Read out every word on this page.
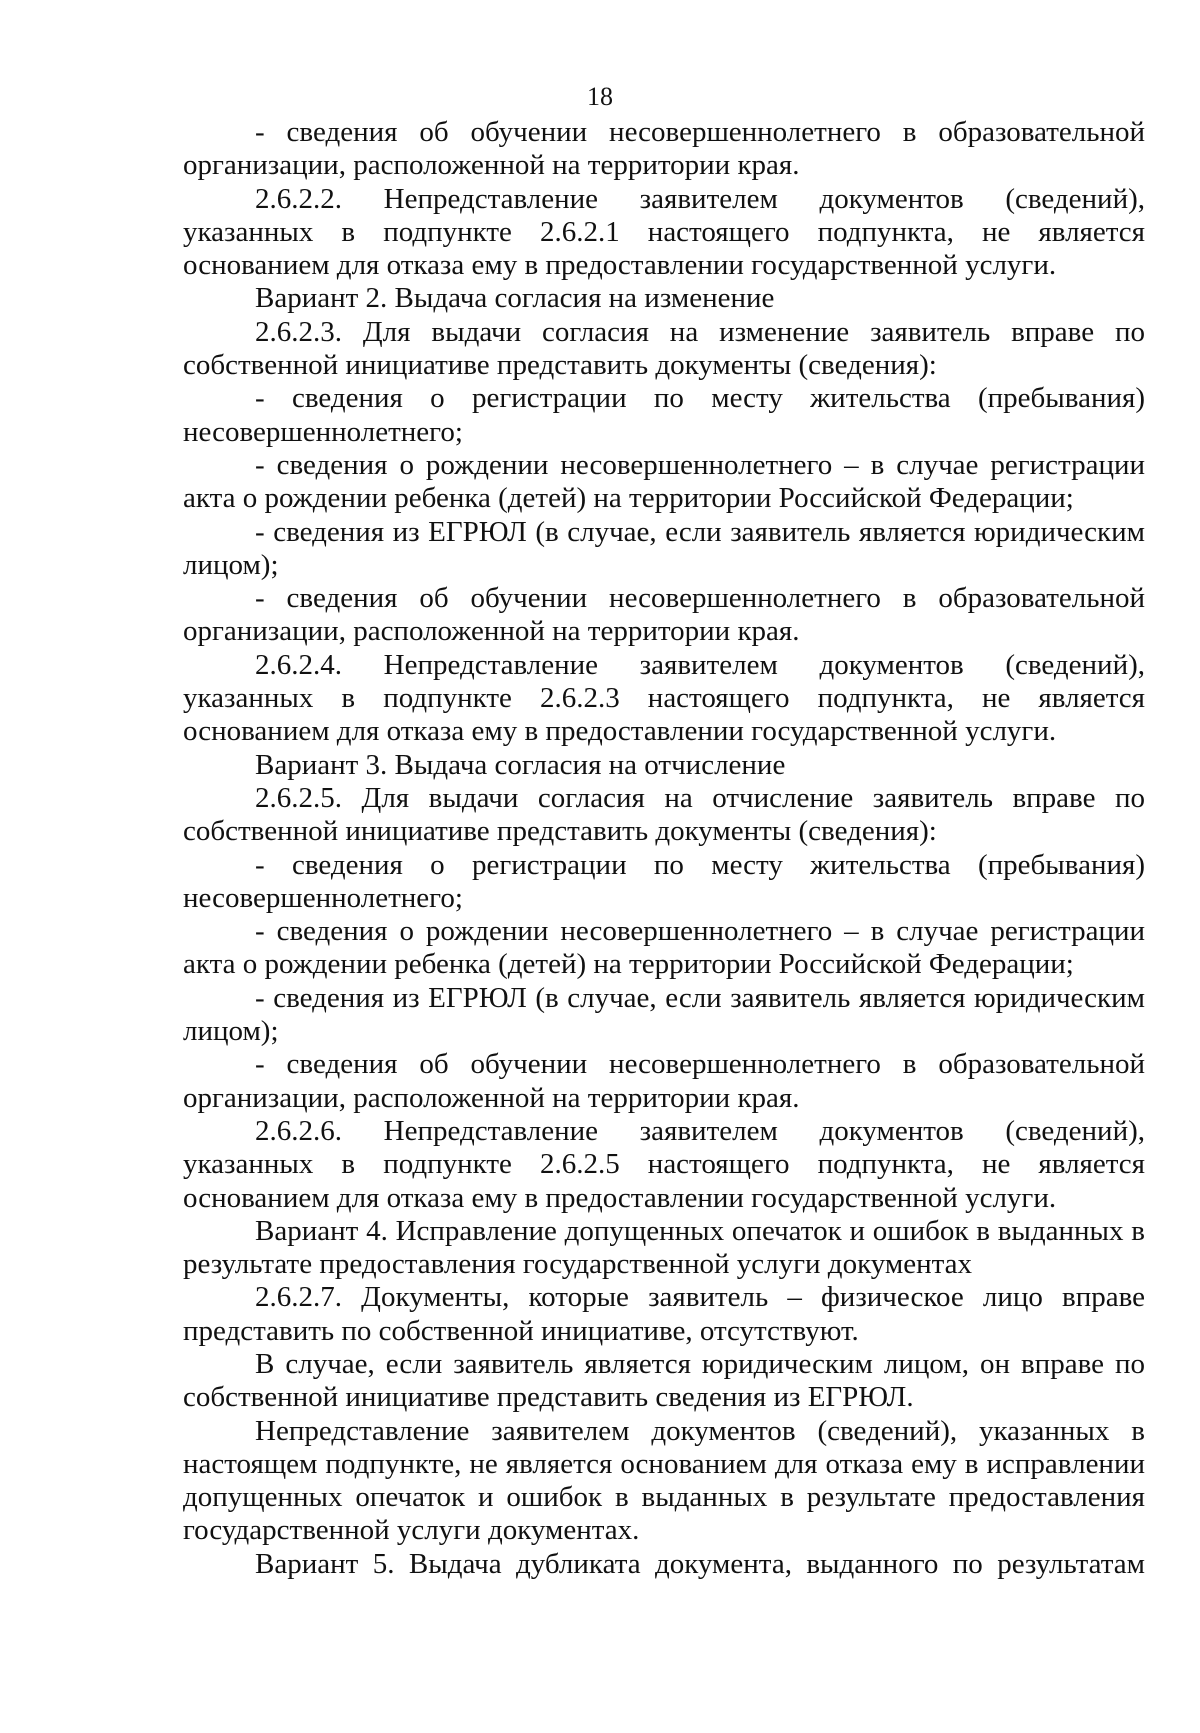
18

- сведения об обучении несовершеннолетнего в образовательной организации, расположенной на территории края.

2.6.2.2. Непредставление заявителем документов (сведений), указанных в подпункте 2.6.2.1 настоящего подпункта, не является основанием для отказа ему в предоставлении государственной услуги.

Вариант 2. Выдача согласия на изменение

2.6.2.3. Для выдачи согласия на изменение заявитель вправе по собственной инициативе представить документы (сведения):

- сведения о регистрации по месту жительства (пребывания) несовершеннолетнего;

- сведения о рождении несовершеннолетнего – в случае регистрации акта о рождении ребенка (детей) на территории Российской Федерации;

- сведения из ЕГРЮЛ (в случае, если заявитель является юридическим лицом);

- сведения об обучении несовершеннолетнего в образовательной организации, расположенной на территории края.

2.6.2.4. Непредставление заявителем документов (сведений), указанных в подпункте 2.6.2.3 настоящего подпункта, не является основанием для отказа ему в предоставлении государственной услуги.

Вариант 3. Выдача согласия на отчисление

2.6.2.5. Для выдачи согласия на отчисление заявитель вправе по собственной инициативе представить документы (сведения):

- сведения о регистрации по месту жительства (пребывания) несовершеннолетнего;

- сведения о рождении несовершеннолетнего – в случае регистрации акта о рождении ребенка (детей) на территории Российской Федерации;

- сведения из ЕГРЮЛ (в случае, если заявитель является юридическим лицом);

- сведения об обучении несовершеннолетнего в образовательной организации, расположенной на территории края.

2.6.2.6. Непредставление заявителем документов (сведений), указанных в подпункте 2.6.2.5 настоящего подпункта, не является основанием для отказа ему в предоставлении государственной услуги.

Вариант 4. Исправление допущенных опечаток и ошибок в выданных в результате предоставления государственной услуги документах

2.6.2.7. Документы, которые заявитель – физическое лицо вправе представить по собственной инициативе, отсутствуют.

В случае, если заявитель является юридическим лицом, он вправе по собственной инициативе представить сведения из ЕГРЮЛ.

Непредставление заявителем документов (сведений), указанных в настоящем подпункте, не является основанием для отказа ему в исправлении допущенных опечаток и ошибок в выданных в результате предоставления государственной услуги документах.

Вариант 5. Выдача дубликата документа, выданного по результатам
